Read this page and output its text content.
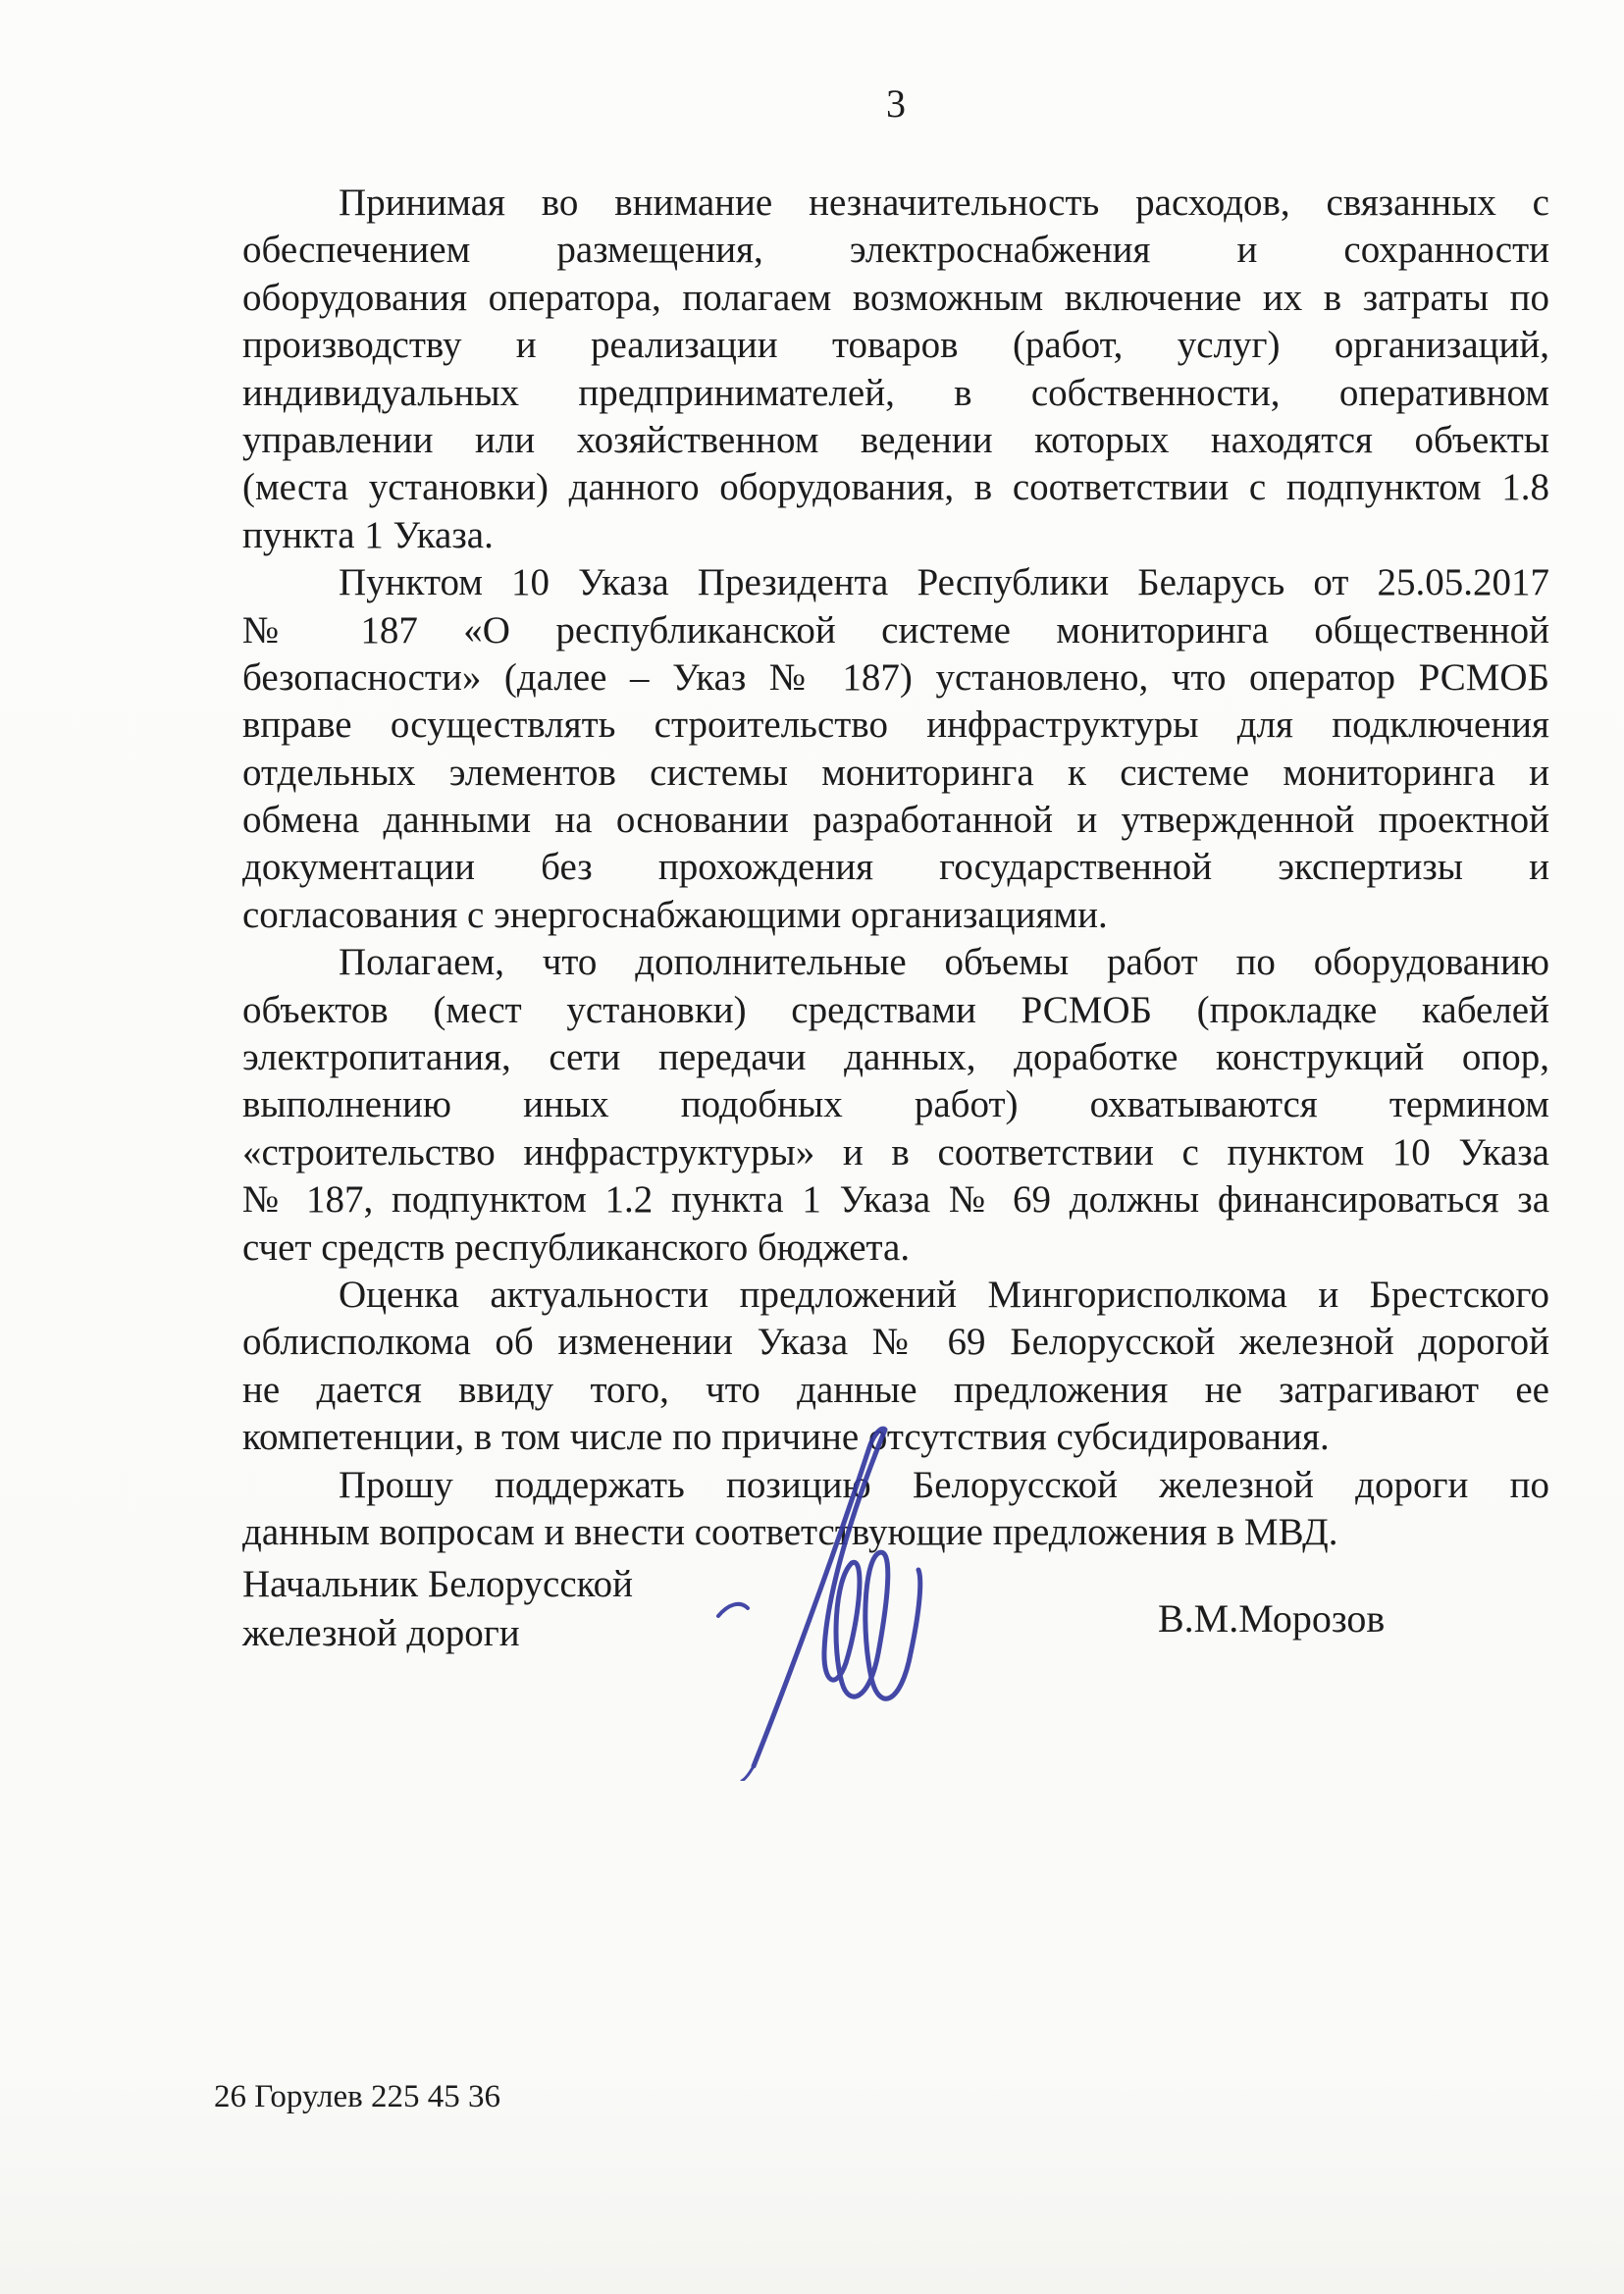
3
Принимая во внимание незначительность расходов, связанных с
обеспечением размещения, электроснабжения и сохранности
оборудования оператора, полагаем возможным включение их в затраты по
производству и реализации товаров (работ, услуг) организаций,
индивидуальных предпринимателей, в собственности, оперативном
управлении или хозяйственном ведении которых находятся объекты
(места установки) данного оборудования, в соответствии с подпунктом 1.8
пункта 1 Указа.
Пунктом 10 Указа Президента Республики Беларусь от 25.05.2017
№ 187 «О республиканской системе мониторинга общественной
безопасности» (далее – Указ № 187) установлено, что оператор РСМОБ
вправе осуществлять строительство инфраструктуры для подключения
отдельных элементов системы мониторинга к системе мониторинга и
обмена данными на основании разработанной и утвержденной проектной
документации без прохождения государственной экспертизы и
согласования с энергоснабжающими организациями.
Полагаем, что дополнительные объемы работ по оборудованию
объектов (мест установки) средствами РСМОБ (прокладке кабелей
электропитания, сети передачи данных, доработке конструкций опор,
выполнению иных подобных работ) охватываются термином
«строительство инфраструктуры» и в соответствии с пунктом 10 Указа
№ 187, подпунктом 1.2 пункта 1 Указа № 69 должны финансироваться за
счет средств республиканского бюджета.
Оценка актуальности предложений Мингорисполкома и Брестского
облисполкома об изменении Указа № 69 Белорусской железной дорогой
не дается ввиду того, что данные предложения не затрагивают ее
компетенции, в том числе по причине отсутствия субсидирования.
Прошу поддержать позицию Белорусской железной дороги по
данным вопросам и внести соответствующие предложения в МВД.
Начальник Белорусской
железной дороги	В.М.Морозов
26 Горулев 225 45 36
